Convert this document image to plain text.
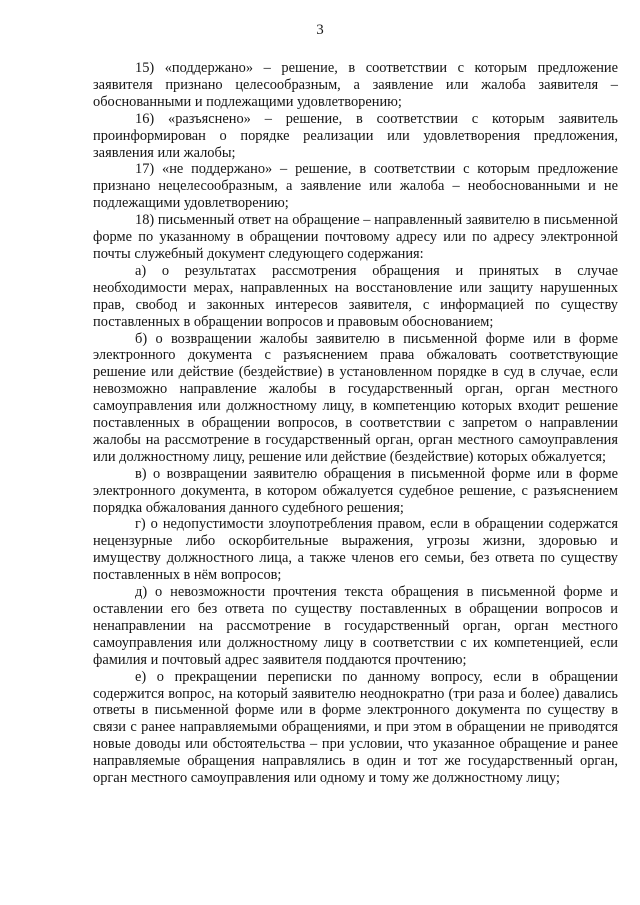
3

15) «поддержано» – решение, в соответствии с которым предложение заявителя признано целесообразным, а заявление или жалоба заявителя – обоснованными и подлежащими удовлетворению;

16) «разъяснено» – решение, в соответствии с которым заявитель проинформирован о порядке реализации или удовлетворения предложения, заявления или жалобы;

17) «не поддержано» – решение, в соответствии с которым предложение признано нецелесообразным, а заявление или жалоба – необоснованными и не подлежащими удовлетворению;

18) письменный ответ на обращение – направленный заявителю в письменной форме по указанному в обращении почтовому адресу или по адресу электронной почты служебный документ следующего содержания:

а) о результатах рассмотрения обращения и принятых в случае необходимости мерах, направленных на восстановление или защиту нарушенных прав, свобод и законных интересов заявителя, с информацией по существу поставленных в обращении вопросов и правовым обоснованием;

б) о возвращении жалобы заявителю в письменной форме или в форме электронного документа с разъяснением права обжаловать соответствующие решение или действие (бездействие) в установленном порядке в суд в случае, если невозможно направление жалобы в государственный орган, орган местного самоуправления или должностному лицу, в компетенцию которых входит решение поставленных в обращении вопросов, в соответствии с запретом о направлении жалобы на рассмотрение в государственный орган, орган местного самоуправления или должностному лицу, решение или действие (бездействие) которых обжалуется;

в) о возвращении заявителю обращения в письменной форме или в форме электронного документа, в котором обжалуется судебное решение, с разъяснением порядка обжалования данного судебного решения;

г) о недопустимости злоупотребления правом, если в обращении содержатся нецензурные либо оскорбительные выражения, угрозы жизни, здоровью и имуществу должностного лица, а также членов его семьи, без ответа по существу поставленных в нём вопросов;

д) о невозможности прочтения текста обращения в письменной форме и оставлении его без ответа по существу поставленных в обращении вопросов и ненаправлении на рассмотрение в государственный орган, орган местного самоуправления или должностному лицу в соответствии с их компетенцией, если фамилия и почтовый адрес заявителя поддаются прочтению;

е) о прекращении переписки по данному вопросу, если в обращении содержится вопрос, на который заявителю неоднократно (три раза и более) давались ответы в письменной форме или в форме электронного документа по существу в связи с ранее направляемыми обращениями, и при этом в обращении не приводятся новые доводы или обстоятельства – при условии, что указанное обращение и ранее направляемые обращения направлялись в один и тот же государственный орган, орган местного самоуправления или одному и тому же должностному лицу;
